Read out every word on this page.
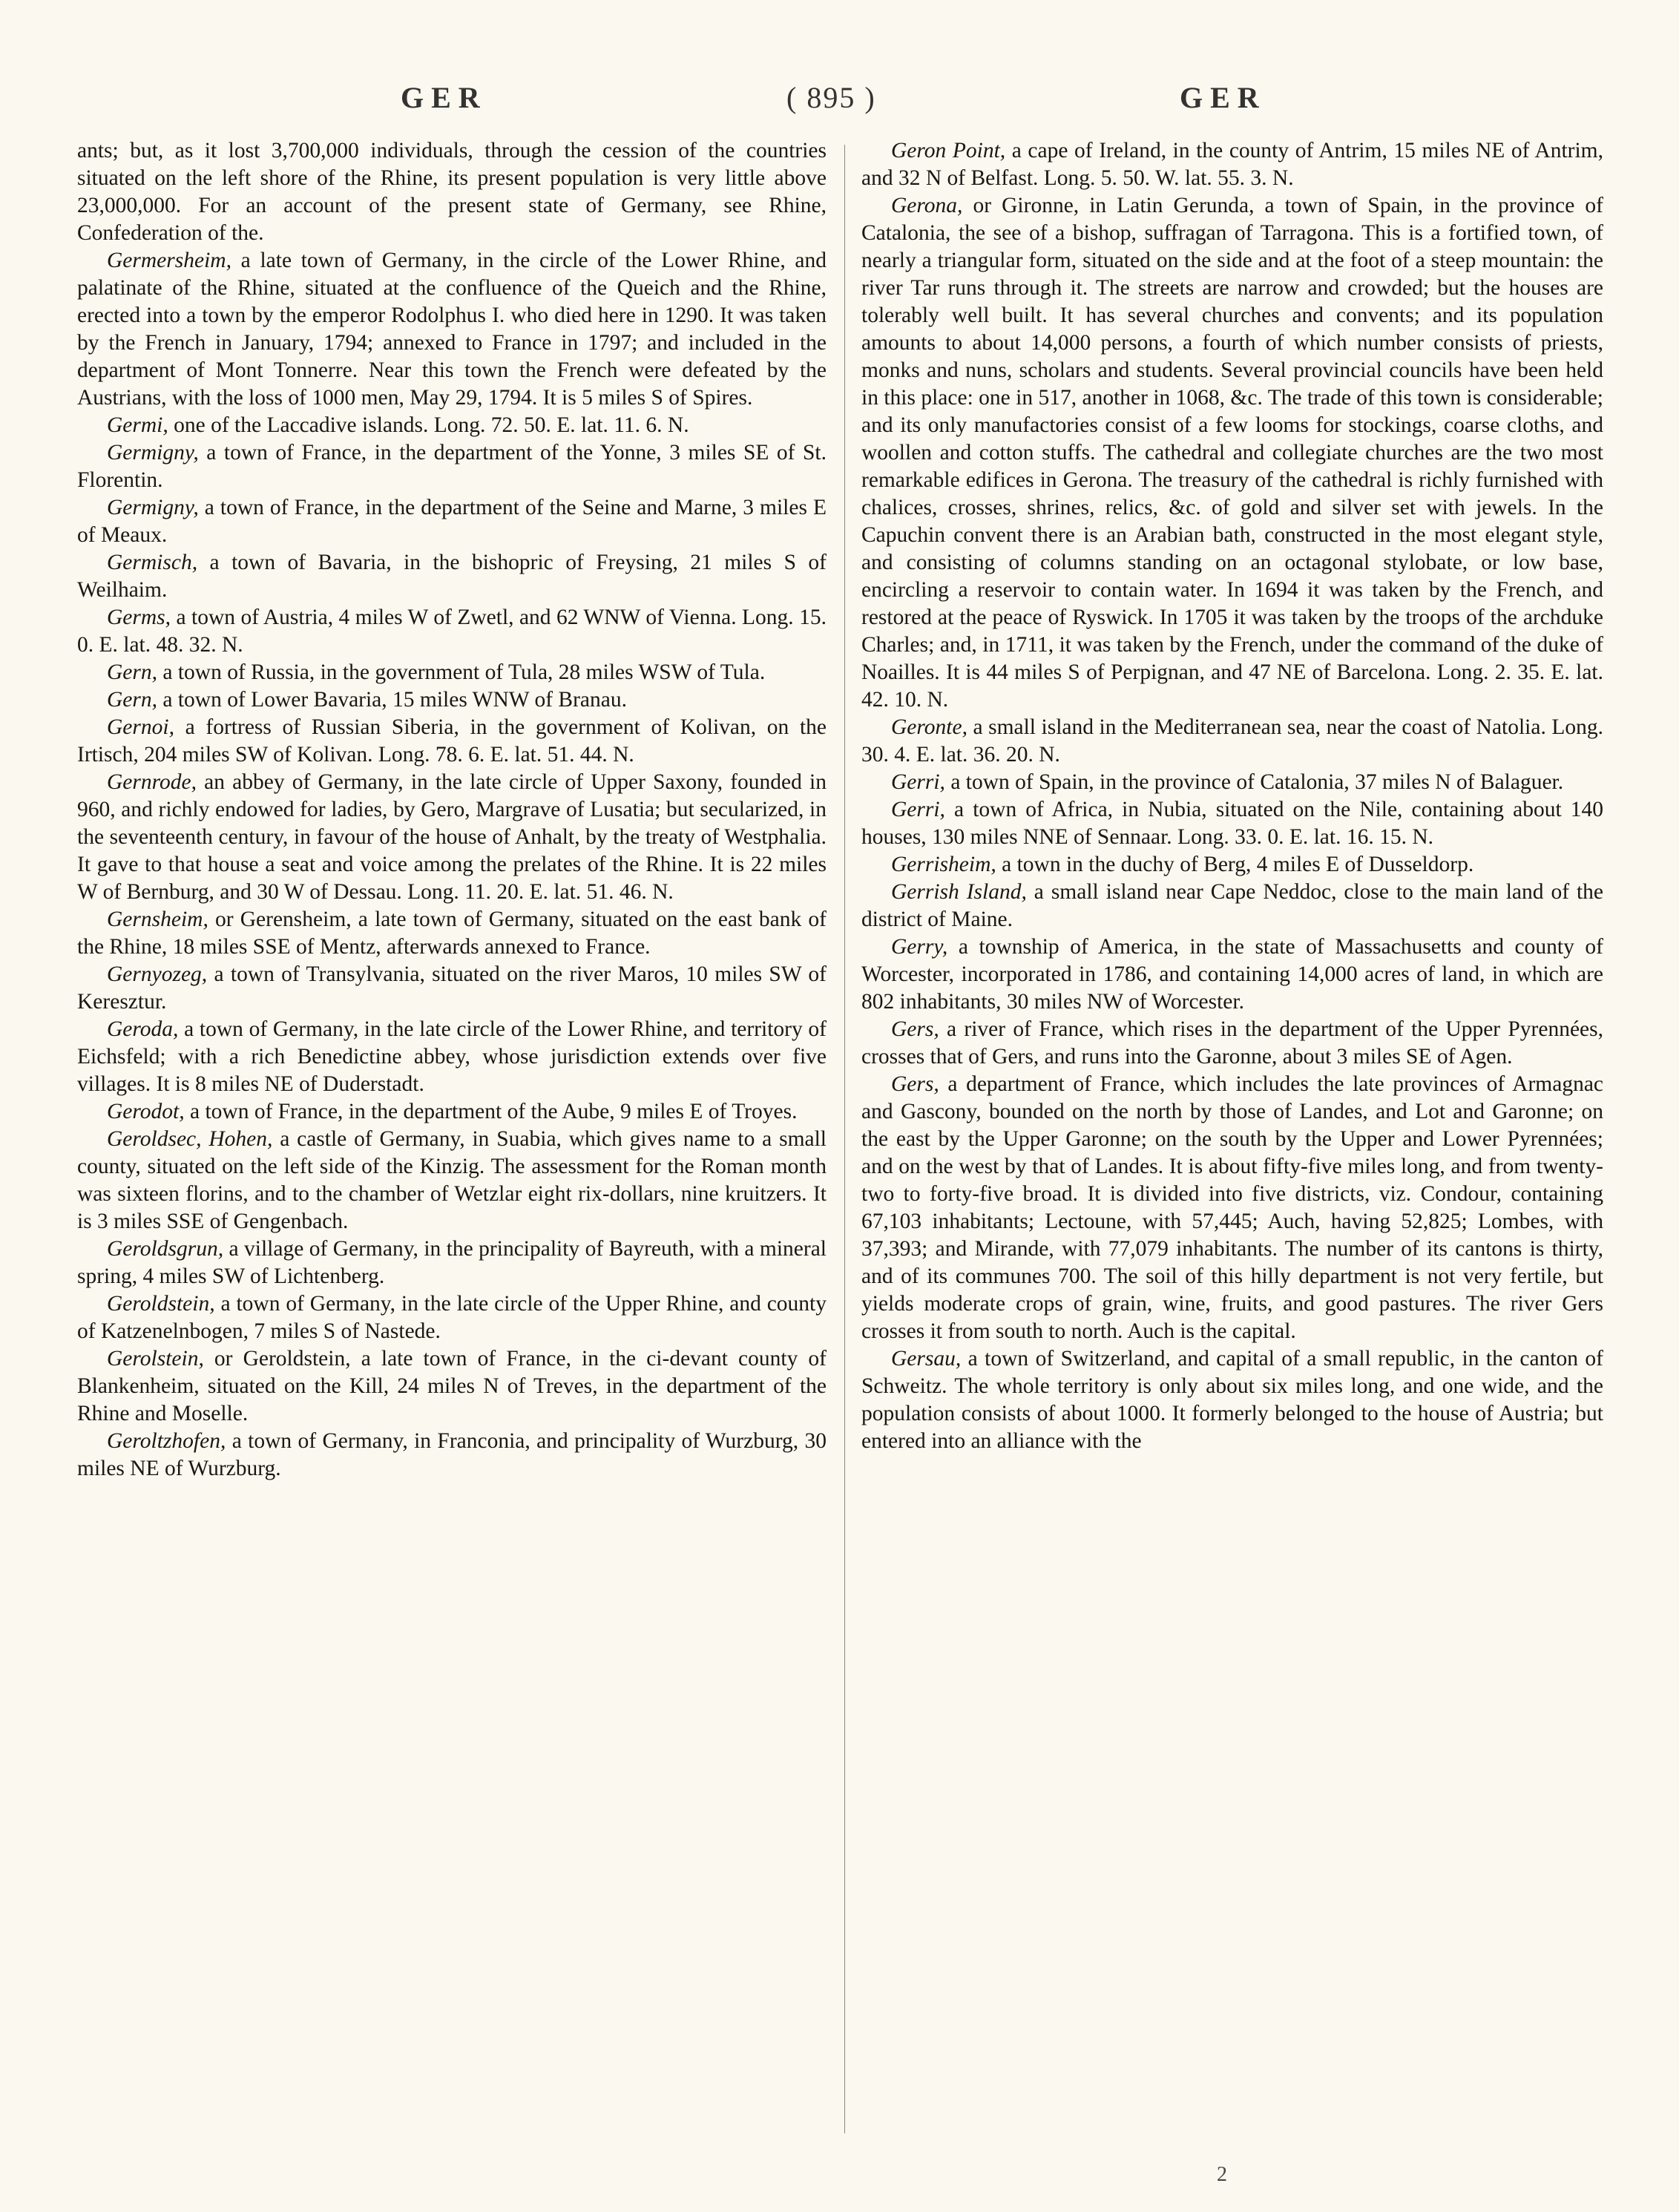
GER	( 895 )	GER

ants; but, as it lost 3,700,000 individuals, through the cession of the countries situated on the left shore of the Rhine, its present population is very little above 23,000,000. For an account of the present state of Germany, see Rhine, Confederation of the.

Germersheim, a late town of Germany, in the circle of the Lower Rhine, and palatinate of the Rhine, situated at the confluence of the Queich and the Rhine, erected into a town by the emperor Rodolphus I. who died here in 1290. It was taken by the French in January, 1794; annexed to France in 1797; and included in the department of Mont Tonnerre. Near this town the French were defeated by the Austrians, with the loss of 1000 men, May 29, 1794. It is 5 miles S of Spires.

Germi, one of the Laccadive islands. Long. 72. 50. E. lat. 11. 6. N.

Germigny, a town of France, in the department of the Yonne, 3 miles SE of St. Florentin.

Germigny, a town of France, in the department of the Seine and Marne, 3 miles E of Meaux.

Germisch, a town of Bavaria, in the bishopric of Freysing, 21 miles S of Weilhaim.

Germs, a town of Austria, 4 miles W of Zwetl, and 62 WNW of Vienna. Long. 15. 0. E. lat. 48. 32. N.

Gern, a town of Russia, in the government of Tula, 28 miles WSW of Tula.

Gern, a town of Lower Bavaria, 15 miles WNW of Branau.

Gernoi, a fortress of Russian Siberia, in the government of Kolivan, on the Irtisch, 204 miles SW of Kolivan. Long. 78. 6. E. lat. 51. 44. N.

Gernrode, an abbey of Germany, in the late circle of Upper Saxony, founded in 960, and richly endowed for ladies, by Gero, Margrave of Lusatia; but secularized, in the seventeenth century, in favour of the house of Anhalt, by the treaty of Westphalia. It gave to that house a seat and voice among the prelates of the Rhine. It is 22 miles W of Bernburg, and 30 W of Dessau. Long. 11. 20. E. lat. 51. 46. N.

Gernsheim, or Gerensheim, a late town of Germany, situated on the east bank of the Rhine, 18 miles SSE of Mentz, afterwards annexed to France.

Gernyozeg, a town of Transylvania, situated on the river Maros, 10 miles SW of Keresztur.

Geroda, a town of Germany, in the late circle of the Lower Rhine, and territory of Eichsfeld; with a rich Benedictine abbey, whose jurisdiction extends over five villages. It is 8 miles NE of Duderstadt.

Gerodot, a town of France, in the department of the Aube, 9 miles E of Troyes.

Geroldsec, Hohen, a castle of Germany, in Suabia, which gives name to a small county, situated on the left side of the Kinzig. The assessment for the Roman month was sixteen florins, and to the chamber of Wetzlar eight rix-dollars, nine kruitzers. It is 3 miles SSE of Gengenbach.

Geroldsgrun, a village of Germany, in the principality of Bayreuth, with a mineral spring, 4 miles SW of Lichtenberg.

Geroldstein, a town of Germany, in the late circle of the Upper Rhine, and county of Katzenelnbogen, 7 miles S of Nastede.

Gerolstein, or Geroldstein, a late town of France, in the ci-devant county of Blankenheim, situated on the Kill, 24 miles N of Treves, in the department of the Rhine and Moselle.

Geroltzhofen, a town of Germany, in Franconia, and principality of Wurzburg, 30 miles NE of Wurzburg.

Geron Point, a cape of Ireland, in the county of Antrim, 15 miles NE of Antrim, and 32 N of Belfast. Long. 5. 50. W. lat. 55. 3. N.

Gerona, or Gironne, in Latin Gerunda, a town of Spain, in the province of Catalonia, the see of a bishop, suffragan of Tarragona. This is a fortified town, of nearly a triangular form, situated on the side and at the foot of a steep mountain: the river Tar runs through it. The streets are narrow and crowded; but the houses are tolerably well built. It has several churches and convents; and its population amounts to about 14,000 persons, a fourth of which number consists of priests, monks and nuns, scholars and students. Several provincial councils have been held in this place: one in 517, another in 1068, &c. The trade of this town is considerable; and its only manufactories consist of a few looms for stockings, coarse cloths, and woollen and cotton stuffs. The cathedral and collegiate churches are the two most remarkable edifices in Gerona. The treasury of the cathedral is richly furnished with chalices, crosses, shrines, relics, &c. of gold and silver set with jewels. In the Capuchin convent there is an Arabian bath, constructed in the most elegant style, and consisting of columns standing on an octagonal stylobate, or low base, encircling a reservoir to contain water. In 1694 it was taken by the French, and restored at the peace of Ryswick. In 1705 it was taken by the troops of the archduke Charles; and, in 1711, it was taken by the French, under the command of the duke of Noailles. It is 44 miles S of Perpignan, and 47 NE of Barcelona. Long. 2. 35. E. lat. 42. 10. N.

Geronte, a small island in the Mediterranean sea, near the coast of Natolia. Long. 30. 4. E. lat. 36. 20. N.

Gerri, a town of Spain, in the province of Catalonia, 37 miles N of Balaguer.

Gerri, a town of Africa, in Nubia, situated on the Nile, containing about 140 houses, 130 miles NNE of Sennaar. Long. 33. 0. E. lat. 16. 15. N.

Gerrisheim, a town in the duchy of Berg, 4 miles E of Dusseldorp.

Gerrish Island, a small island near Cape Neddoc, close to the main land of the district of Maine.

Gerry, a township of America, in the state of Massachusetts and county of Worcester, incorporated in 1786, and containing 14,000 acres of land, in which are 802 inhabitants, 30 miles NW of Worcester.

Gers, a river of France, which rises in the department of the Upper Pyrennées, crosses that of Gers, and runs into the Garonne, about 3 miles SE of Agen.

Gers, a department of France, which includes the late provinces of Armagnac and Gascony, bounded on the north by those of Landes, and Lot and Garonne; on the east by the Upper Garonne; on the south by the Upper and Lower Pyrennées; and on the west by that of Landes. It is about fifty-five miles long, and from twenty-two to forty-five broad. It is divided into five districts, viz. Condour, containing 67,103 inhabitants; Lectoune, with 57,445; Auch, having 52,825; Lombes, with 37,393; and Mirande, with 77,079 inhabitants. The number of its cantons is thirty, and of its communes 700. The soil of this hilly department is not very fertile, but yields moderate crops of grain, wine, fruits, and good pastures. The river Gers crosses it from south to north. Auch is the capital.

Gersau, a town of Switzerland, and capital of a small republic, in the canton of Schweitz. The whole territory is only about six miles long, and one wide, and the population consists of about 1000. It formerly belonged to the house of Austria; but entered into an alliance with the

2
